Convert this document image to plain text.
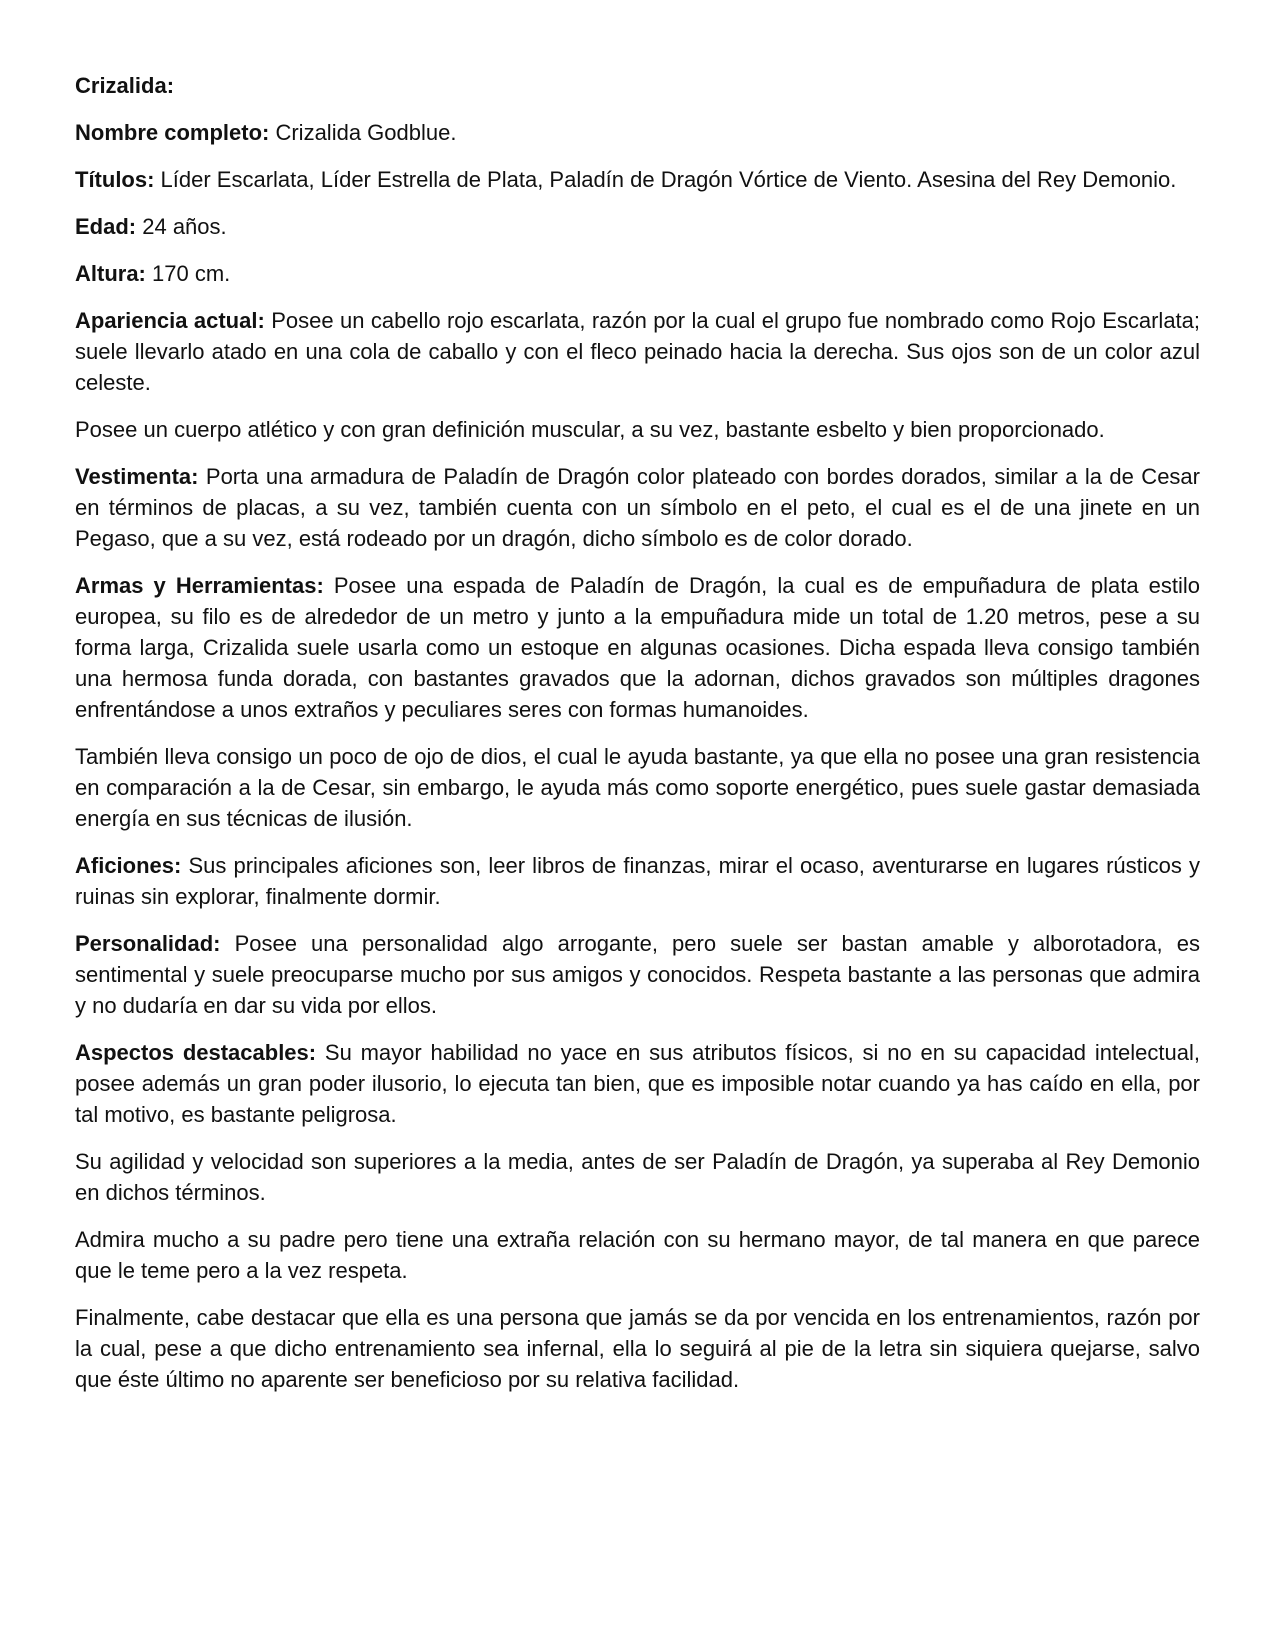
Crizalida:

Nombre completo: Crizalida Godblue.

Títulos: Líder Escarlata, Líder Estrella de Plata, Paladín de Dragón Vórtice de Viento. Asesina del Rey Demonio.

Edad: 24 años.

Altura: 170 cm.

Apariencia actual: Posee un cabello rojo escarlata, razón por la cual el grupo fue nombrado como Rojo Escarlata; suele llevarlo atado en una cola de caballo y con el fleco peinado hacia la derecha. Sus ojos son de un color azul celeste.

Posee un cuerpo atlético y con gran definición muscular, a su vez, bastante esbelto y bien proporcionado.

Vestimenta: Porta una armadura de Paladín de Dragón color plateado con bordes dorados, similar a la de Cesar en términos de placas, a su vez, también cuenta con un símbolo en el peto, el cual es el de una jinete en un Pegaso, que a su vez, está rodeado por un dragón, dicho símbolo es de color dorado.

Armas y Herramientas: Posee una espada de Paladín de Dragón, la cual es de empuñadura de plata estilo europea, su filo es de alrededor de un metro y junto a la empuñadura mide un total de 1.20 metros, pese a su forma larga, Crizalida suele usarla como un estoque en algunas ocasiones. Dicha espada lleva consigo también una hermosa funda dorada, con bastantes gravados que la adornan, dichos gravados son múltiples dragones enfrentándose a unos extraños y peculiares seres con formas humanoides.

También lleva consigo un poco de ojo de dios, el cual le ayuda bastante, ya que ella no posee una gran resistencia en comparación a la de Cesar, sin embargo, le ayuda más como soporte energético, pues suele gastar demasiada energía en sus técnicas de ilusión.

Aficiones: Sus principales aficiones son, leer libros de finanzas, mirar el ocaso, aventurarse en lugares rústicos y ruinas sin explorar, finalmente dormir.

Personalidad: Posee una personalidad algo arrogante, pero suele ser bastan amable y alborotadora, es sentimental y suele preocuparse mucho por sus amigos y conocidos. Respeta bastante a las personas que admira y no dudaría en dar su vida por ellos.

Aspectos destacables: Su mayor habilidad no yace en sus atributos físicos, si no en su capacidad intelectual, posee además un gran poder ilusorio, lo ejecuta tan bien, que es imposible notar cuando ya has caído en ella, por tal motivo, es bastante peligrosa.

Su agilidad y velocidad son superiores a la media, antes de ser Paladín de Dragón, ya superaba al Rey Demonio en dichos términos.

Admira mucho a su padre pero tiene una extraña relación con su hermano mayor, de tal manera en que parece que le teme pero a la vez respeta.

Finalmente, cabe destacar que ella es una persona que jamás se da por vencida en los entrenamientos, razón por la cual, pese a que dicho entrenamiento sea infernal, ella lo seguirá al pie de la letra sin siquiera quejarse, salvo que éste último no aparente ser beneficioso por su relativa facilidad.
